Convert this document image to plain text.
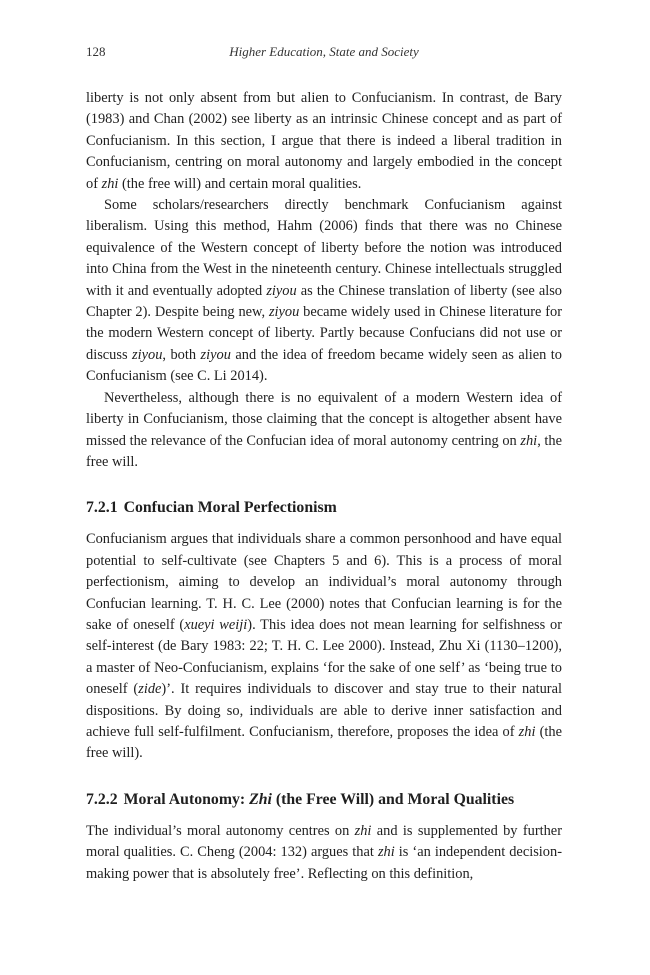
128	Higher Education, State and Society

liberty is not only absent from but alien to Confucianism. In contrast, de Bary (1983) and Chan (2002) see liberty as an intrinsic Chinese concept and as part of Confucianism. In this section, I argue that there is indeed a liberal tradition in Confucianism, centring on moral autonomy and largely embodied in the concept of zhi (the free will) and certain moral qualities.

Some scholars/researchers directly benchmark Confucianism against liberalism. Using this method, Hahm (2006) finds that there was no Chinese equivalence of the Western concept of liberty before the notion was introduced into China from the West in the nineteenth century. Chinese intellectuals struggled with it and eventually adopted ziyou as the Chinese translation of liberty (see also Chapter 2). Despite being new, ziyou became widely used in Chinese literature for the modern Western concept of liberty. Partly because Confucians did not use or discuss ziyou, both ziyou and the idea of freedom became widely seen as alien to Confucianism (see C. Li 2014).

Nevertheless, although there is no equivalent of a modern Western idea of liberty in Confucianism, those claiming that the concept is altogether absent have missed the relevance of the Confucian idea of moral autonomy centring on zhi, the free will.

7.2.1 Confucian Moral Perfectionism

Confucianism argues that individuals share a common personhood and have equal potential to self-cultivate (see Chapters 5 and 6). This is a process of moral perfectionism, aiming to develop an individual’s moral autonomy through Confucian learning. T. H. C. Lee (2000) notes that Confucian learning is for the sake of oneself (xueyi weiji). This idea does not mean learning for selfishness or self-interest (de Bary 1983: 22; T. H. C. Lee 2000). Instead, Zhu Xi (1130–1200), a master of Neo-Confucianism, explains ‘for the sake of one self’ as ‘being true to oneself (zide)’. It requires individuals to discover and stay true to their natural dispositions. By doing so, individuals are able to derive inner satisfaction and achieve full self-fulfilment. Confucianism, therefore, proposes the idea of zhi (the free will).

7.2.2 Moral Autonomy: Zhi (the Free Will) and Moral Qualities

The individual’s moral autonomy centres on zhi and is supplemented by further moral qualities. C. Cheng (2004: 132) argues that zhi is ‘an independent decision-making power that is absolutely free’. Reflecting on this definition,
